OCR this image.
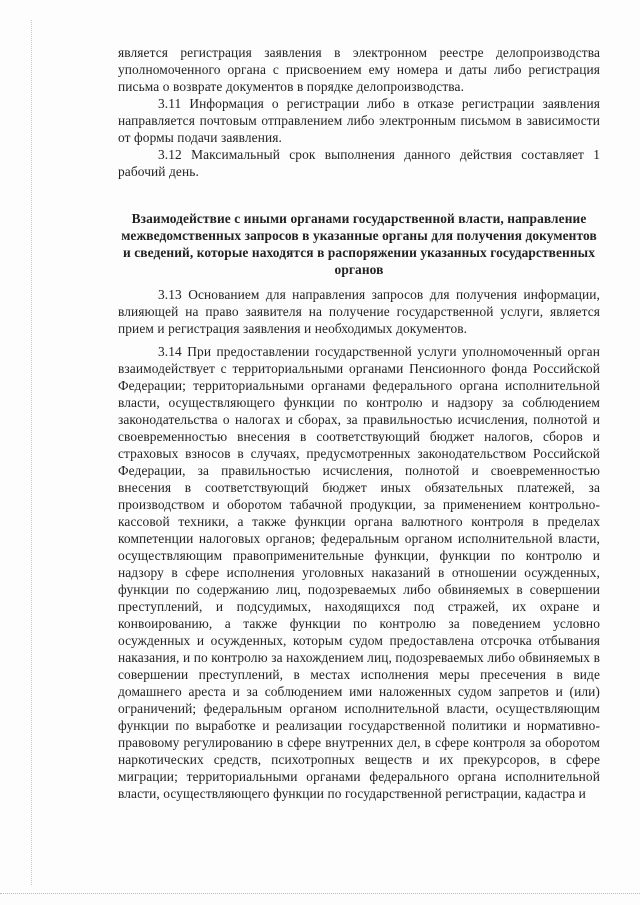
является регистрация заявления в электронном реестре делопроизводства уполномоченного органа с присвоением ему номера и даты либо регистрация письма о возврате документов в порядке делопроизводства.

3.11 Информация о регистрации либо в отказе регистрации заявления направляется почтовым отправлением либо электронным письмом в зависимости от формы подачи заявления.

3.12 Максимальный срок выполнения данного действия составляет 1 рабочий день.

Взаимодействие с иными органами государственной власти, направление межведомственных запросов в указанные органы для получения документов и сведений, которые находятся в распоряжении указанных государственных органов

3.13 Основанием для направления запросов для получения информации, влияющей на право заявителя на получение государственной услуги, является прием и регистрация заявления и необходимых документов.

3.14 При предоставлении государственной услуги уполномоченный орган взаимодействует с территориальными органами Пенсионного фонда Российской Федерации; территориальными органами федерального органа исполнительной власти, осуществляющего функции по контролю и надзору за соблюдением законодательства о налогах и сборах, за правильностью исчисления, полнотой и своевременностью внесения в соответствующий бюджет налогов, сборов и страховых взносов в случаях, предусмотренных законодательством Российской Федерации, за правильностью исчисления, полнотой и своевременностью внесения в соответствующий бюджет иных обязательных платежей, за производством и оборотом табачной продукции, за применением контрольно-кассовой техники, а также функции органа валютного контроля в пределах компетенции налоговых органов; федеральным органом исполнительной власти, осуществляющим правоприменительные функции, функции по контролю и надзору в сфере исполнения уголовных наказаний в отношении осужденных, функции по содержанию лиц, подозреваемых либо обвиняемых в совершении преступлений, и подсудимых, находящихся под стражей, их охране и конвоированию, а также функции по контролю за поведением условно осужденных и осужденных, которым судом предоставлена отсрочка отбывания наказания, и по контролю за нахождением лиц, подозреваемых либо обвиняемых в совершении преступлений, в местах исполнения меры пресечения в виде домашнего ареста и за соблюдением ими наложенных судом запретов и (или) ограничений; федеральным органом исполнительной власти, осуществляющим функции по выработке и реализации государственной политики и нормативно-правовому регулированию в сфере внутренних дел, в сфере контроля за оборотом наркотических средств, психотропных веществ и их прекурсоров, в сфере миграции; территориальными органами федерального органа исполнительной власти, осуществляющего функции по государственной регистрации, кадастра и
